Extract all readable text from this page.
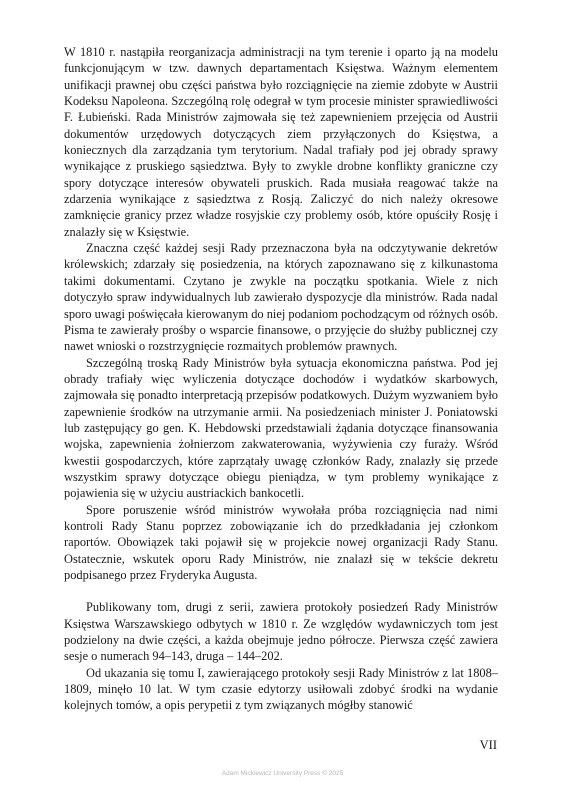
W 1810 r. nastąpiła reorganizacja administracji na tym terenie i oparto ją na modelu funkcjonującym w tzw. dawnych departamentach Księstwa. Ważnym elementem unifikacji prawnej obu części państwa było rozciągnięcie na ziemie zdobyte w Austrii Kodeksu Napoleona. Szczególną rolę odegrał w tym procesie minister sprawiedliwości F. Łubieński. Rada Ministrów zajmowała się też zapewnieniem przejęcia od Austrii dokumentów urzędowych dotyczących ziem przyłączonych do Księstwa, a koniecznych dla zarządzania tym terytorium. Nadal trafiały pod jej obrady sprawy wynikające z pruskiego sąsiedztwa. Były to zwykle drobne konflikty graniczne czy spory dotyczące interesów obywateli pruskich. Rada musiała reagować także na zdarzenia wynikające z sąsiedztwa z Rosją. Zaliczyć do nich należy okresowe zamknięcie granicy przez władze rosyjskie czy problemy osób, które opuściły Rosję i znalazły się w Księstwie.

Znaczna część każdej sesji Rady przeznaczona była na odczytywanie dekretów królewskich; zdarzały się posiedzenia, na których zapoznawano się z kilkunastoma takimi dokumentami. Czytano je zwykle na początku spotkania. Wiele z nich dotyczyło spraw indywidualnych lub zawierało dyspozycje dla ministrów. Rada nadal sporo uwagi poświęcała kierowanym do niej podaniom pochodzącym od różnych osób. Pisma te zawierały prośby o wsparcie finansowe, o przyjęcie do służby publicznej czy nawet wnioski o rozstrzygnięcie rozmaitych problemów prawnych.

Szczególną troską Rady Ministrów była sytuacja ekonomiczna państwa. Pod jej obrady trafiały więc wyliczenia dotyczące dochodów i wydatków skarbowych, zajmowała się ponadto interpretacją przepisów podatkowych. Dużym wyzwaniem było zapewnienie środków na utrzymanie armii. Na posiedzeniach minister J. Poniatowski lub zastępujący go gen. K. Hebdowski przedstawiali żądania dotyczące finansowania wojska, zapewnienia żołnierzom zakwaterowania, wyżywienia czy furaży. Wśród kwestii gospodarczych, które zaprzątały uwagę członków Rady, znalazły się przede wszystkim sprawy dotyczące obiegu pieniądza, w tym problemy wynikające z pojawienia się w użyciu austriackich bankocetli.

Spore poruszenie wśród ministrów wywołała próba rozciągnięcia nad nimi kontroli Rady Stanu poprzez zobowiązanie ich do przedkładania jej członkom raportów. Obowiązek taki pojawił się w projekcie nowej organizacji Rady Stanu. Ostatecznie, wskutek oporu Rady Ministrów, nie znalazł się w tekście dekretu podpisanego przez Fryderyka Augusta.

Publikowany tom, drugi z serii, zawiera protokoły posiedzeń Rady Ministrów Księstwa Warszawskiego odbytych w 1810 r. Ze względów wydawniczych tom jest podzielony na dwie części, a każda obejmuje jedno półrocze. Pierwsza część zawiera sesje o numerach 94–143, druga – 144–202.

Od ukazania się tomu I, zawierającego protokoły sesji Rady Ministrów z lat 1808–1809, minęło 10 lat. W tym czasie edytorzy usiłowali zdobyć środki na wydanie kolejnych tomów, a opis perypetii z tym związanych mógłby stanowić

VII
Adam Mickiewicz University Press © 2025
